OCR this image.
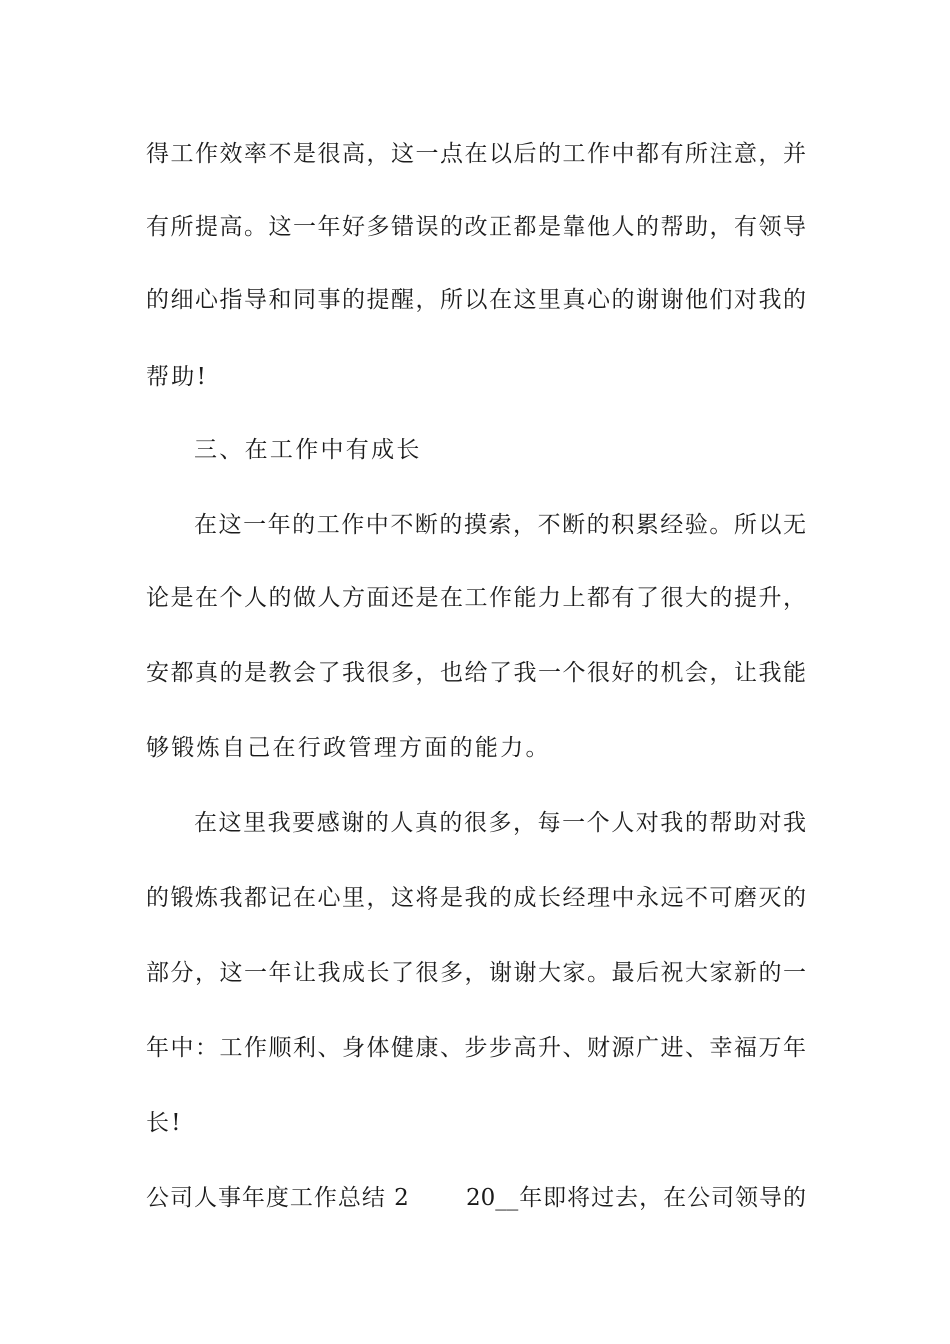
得工作效率不是很高，这一点在以后的工作中都有所注意，并
有所提高。这一年好多错误的改正都是靠他人的帮助，有领导
的细心指导和同事的提醒，所以在这里真心的谢谢他们对我的
帮助!
三、在工作中有成长
在这一年的工作中不断的摸索，不断的积累经验。所以无
论是在个人的做人方面还是在工作能力上都有了很大的提升，
安都真的是教会了我很多，也给了我一个很好的机会，让我能
够锻炼自己在行政管理方面的能力。
在这里我要感谢的人真的很多，每一个人对我的帮助对我
的锻炼我都记在心里，这将是我的成长经理中永远不可磨灭的
部分，这一年让我成长了很多，谢谢大家。最后祝大家新的一
年中：工作顺利、身体健康、步步高升、财源广进、幸福万年
长!
公司人事年度工作总结 2　　 20__年即将过去，在公司领导的
